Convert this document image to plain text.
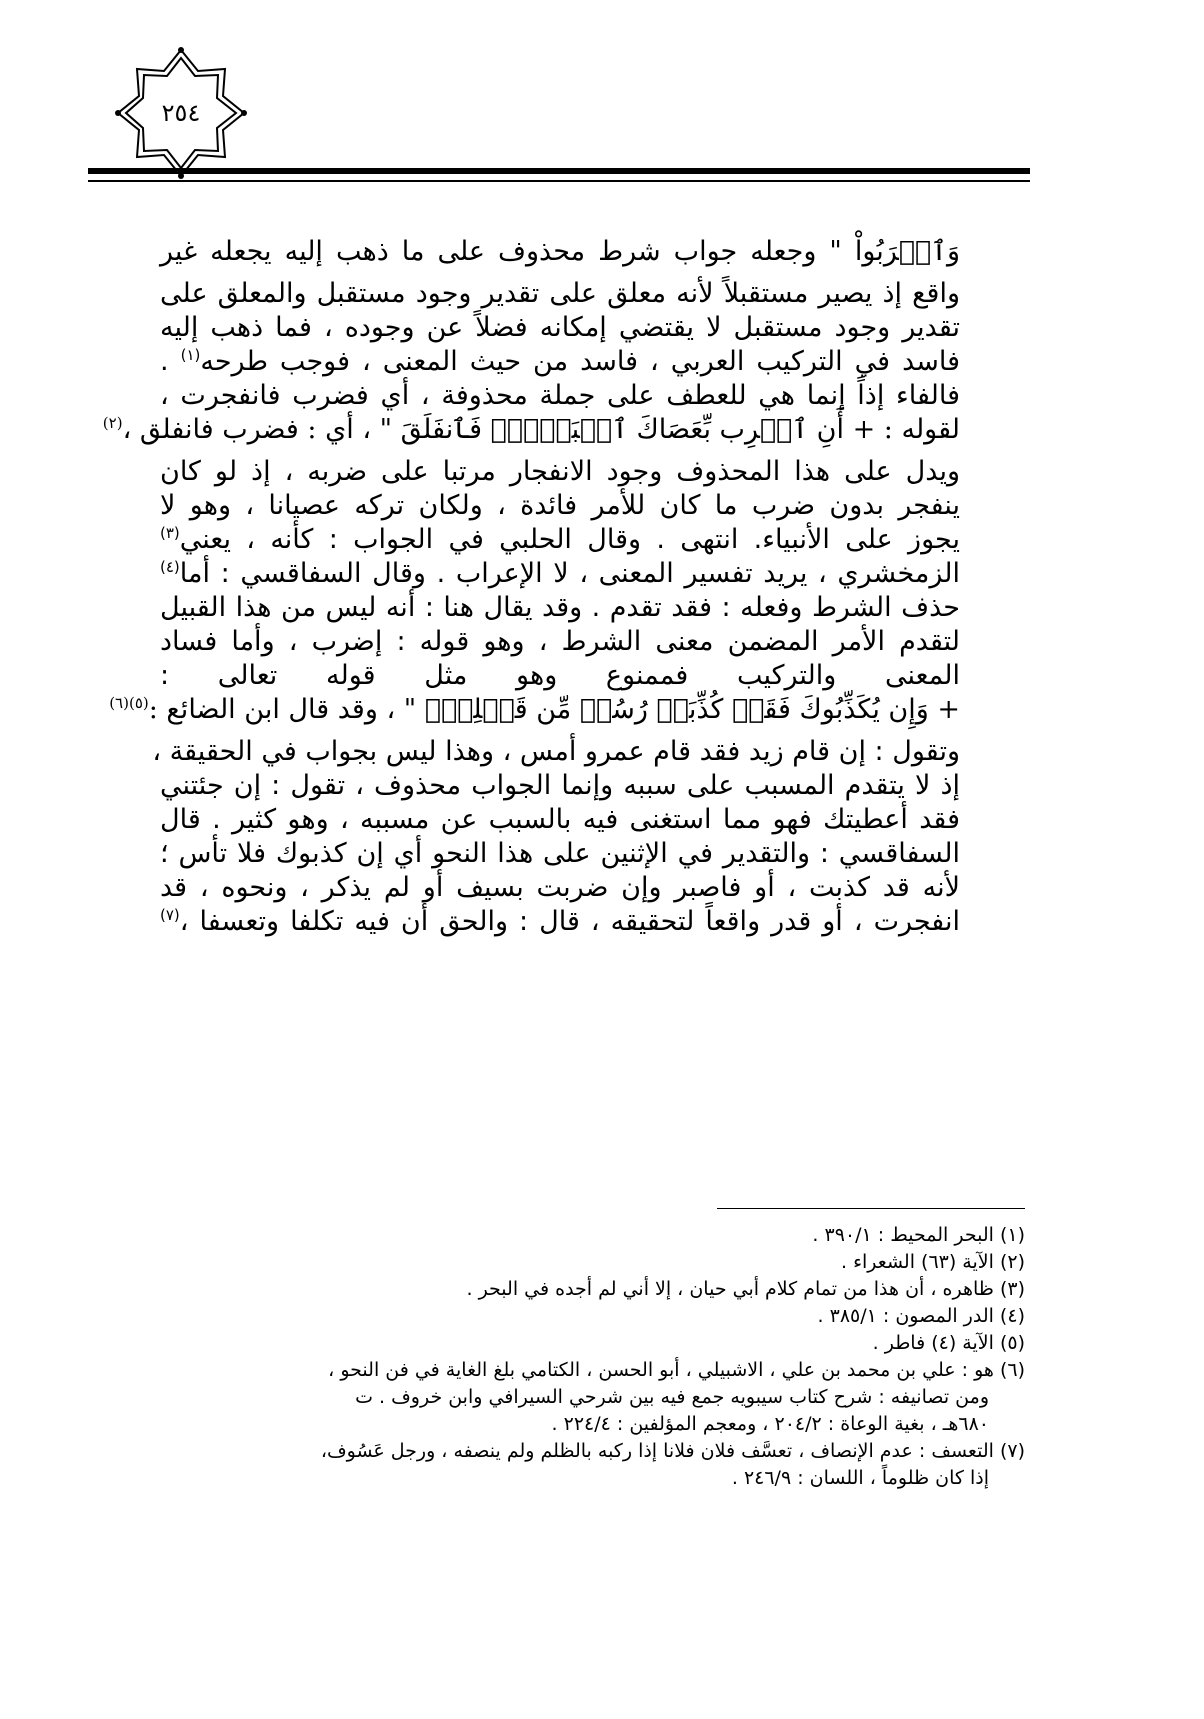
٢٥٤

وَٱشۡرَبُواْ " وجعله جواب شرط محذوف على ما ذهب إليه يجعله غير

واقع إذ يصير مستقبلاً لأنه معلق على تقدير وجود مستقبل والمعلق على

تقدير وجود مستقبل لا يقتضي إمكانه فضلاً عن وجوده ، فما ذهب إليه

فاسد في التركيب العربي ، فاسد من حيث المعنى ، فوجب طرحه$^{(١)}$ .

فالفاء إذاً إنما هي للعطف على جملة محذوفة ، أي فضرب فانفجرت ،

لقوله : + أَنِ ٱضۡرِب بِّعَصَاكَ ٱلۡبَحۡرَۖ فَٱنفَلَقَ " ، أي : فضرب فانفلق ،$^{(٢)}$

ويدل على هذا المحذوف وجود الانفجار مرتبا على ضربه ، إذ لو كان

ينفجر بدون ضرب ما كان للأمر فائدة ، ولكان تركه عصيانا ، وهو لا

يجوز على الأنبياء. انتهى . وقال الحلبي في الجواب : كأنه ، يعني$^{(٣)}$

الزمخشري ، يريد تفسير المعنى ، لا الإعراب . وقال السفاقسي : أما$^{(٤)}$

حذف الشرط وفعله : فقد تقدم . وقد يقال هنا : أنه ليس من هذا القبيل

لتقدم الأمر المضمن معنى الشرط ، وهو قوله : إضرب ، وأما فساد

المعنى والتركيب فممنوع وهو مثل قوله تعالى :

+ وَإِن يُكَذِّبُوكَ فَقَدۡ كُذِّبَتۡ رُسُلٞ مِّن قَبۡلِكَۚ " ، وقد قال ابن الضائع :$^{(٥)(٦)}$

وتقول : إن قام زيد فقد قام عمرو أمس ، وهذا ليس بجواب في الحقيقة ،

إذ لا يتقدم المسبب على سببه وإنما الجواب محذوف ، تقول : إن جئتني

فقد أعطيتك فهو مما استغنى فيه بالسبب عن مسببه ، وهو كثير . قال

السفاقسي : والتقدير في الإثنين على هذا النحو أي إن كذبوك فلا تأس ؛

لأنه قد كذبت ، أو فاصبر وإن ضربت بسيف أو لم يذكر ، ونحوه ، قد

انفجرت ، أو قدر واقعاً لتحقيقه ، قال : والحق أن فيه تكلفا وتعسفا ،$^{(٧)}$

(١) البحر المحيط : ٣٩٠/١ .

(٢) الآية (٦٣) الشعراء .

(٣) ظاهره ، أن هذا من تمام كلام أبي حيان ، إلا أني لم أجده في البحر .

(٤) الدر المصون : ٣٨٥/١ .

(٥) الآية (٤) فاطر .

(٦) هو : علي بن محمد بن علي ، الاشبيلي ، أبو الحسن ، الكتامي بلغ الغاية في فن النحو ،

ومن تصانيفه : شرح كتاب سيبويه جمع فيه بين شرحي السيرافي وابن خروف . ت

٦٨٠هـ ، بغية الوعاة : ٢٠٤/٢ ، ومعجم المؤلفين : ٢٢٤/٤ .

(٧) التعسف : عدم الإنصاف ، تعسَّف فلان فلانا إذا ركبه بالظلم ولم ينصفه ، ورجل عَسُوف،

إذا كان ظلوماً ، اللسان : ٢٤٦/٩ .
